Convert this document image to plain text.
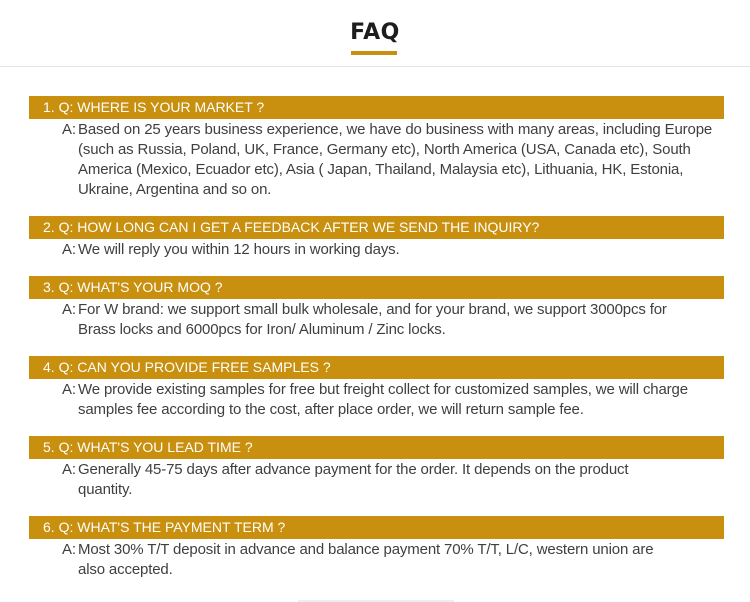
FAQ
1. Q: WHERE IS YOUR MARKET ?
A: Based on 25 years business experience, we have do business with many areas, including Europe (such as Russia, Poland, UK, France, Germany etc), North America (USA, Canada etc), South America (Mexico, Ecuador etc), Asia ( Japan, Thailand, Malaysia etc), Lithuania, HK, Estonia, Ukraine, Argentina and so on.
2. Q: HOW LONG CAN I GET A FEEDBACK AFTER WE SEND THE INQUIRY?
A: We will reply you within 12 hours in working days.
3. Q: WHAT'S YOUR MOQ ?
A: For W brand: we support small bulk wholesale, and for your brand, we support 3000pcs for Brass locks and 6000pcs for Iron/ Aluminum / Zinc locks.
4. Q: CAN YOU PROVIDE FREE SAMPLES ?
A: We provide existing samples for free but freight collect for customized samples, we will charge samples fee according to the cost, after place order, we will return sample fee.
5. Q: WHAT'S YOU LEAD TIME ?
A: Generally 45-75 days after advance payment for the order. It depends on the product quantity.
6. Q: WHAT'S THE PAYMENT TERM ?
A: Most 30% T/T deposit in advance and balance payment 70% T/T, L/C, western union are also accepted.
